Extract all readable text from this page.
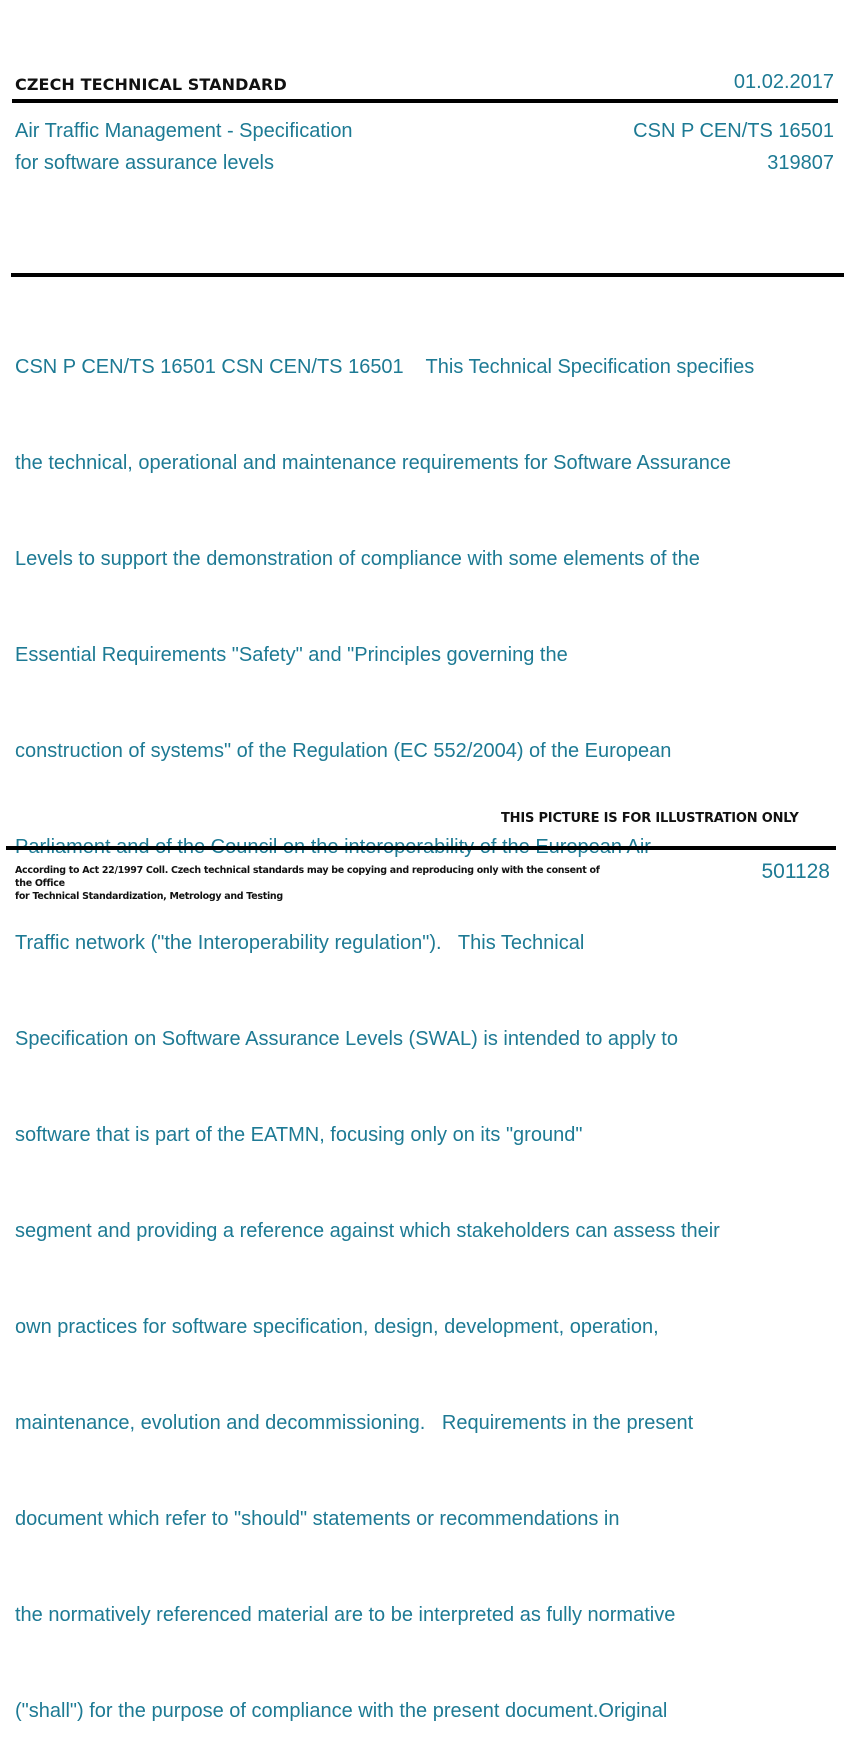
CZECH TECHNICAL STANDARD	01.02.2017
Air Traffic Management - Specification
for software assurance levels
CSN P CEN/TS 16501
319807

CSN P CEN/TS 16501 CSN CEN/TS 16501    This Technical Specification specifies

the technical, operational and maintenance requirements for Software Assurance

Levels to support the demonstration of compliance with some elements of the

Essential Requirements "Safety" and "Principles governing the

construction of systems" of the Regulation (EC 552/2004) of the European

Traffic network ("the Interoperability regulation").   This Technical

Specification on Software Assurance Levels (SWAL) is intended to apply to

software that is part of the EATMN, focusing only on its "ground"

segment and providing a reference against which stakeholders can assess their

own practices for software specification, design, development, operation,

maintenance, evolution and decommissioning.   Requirements in the present

document which refer to "should" statements or recommendations in

the normatively referenced material are to be interpreted as fully normative

("shall") for the purpose of compliance with the present document.Original

THIS PICTURE IS FOR ILLUSTRATION ONLY
According to Act 22/1997 Coll. Czech technical standards may be copying and reproducing only with the consent of the Office
for Technical Standardization, Metrology and Testing
501128
